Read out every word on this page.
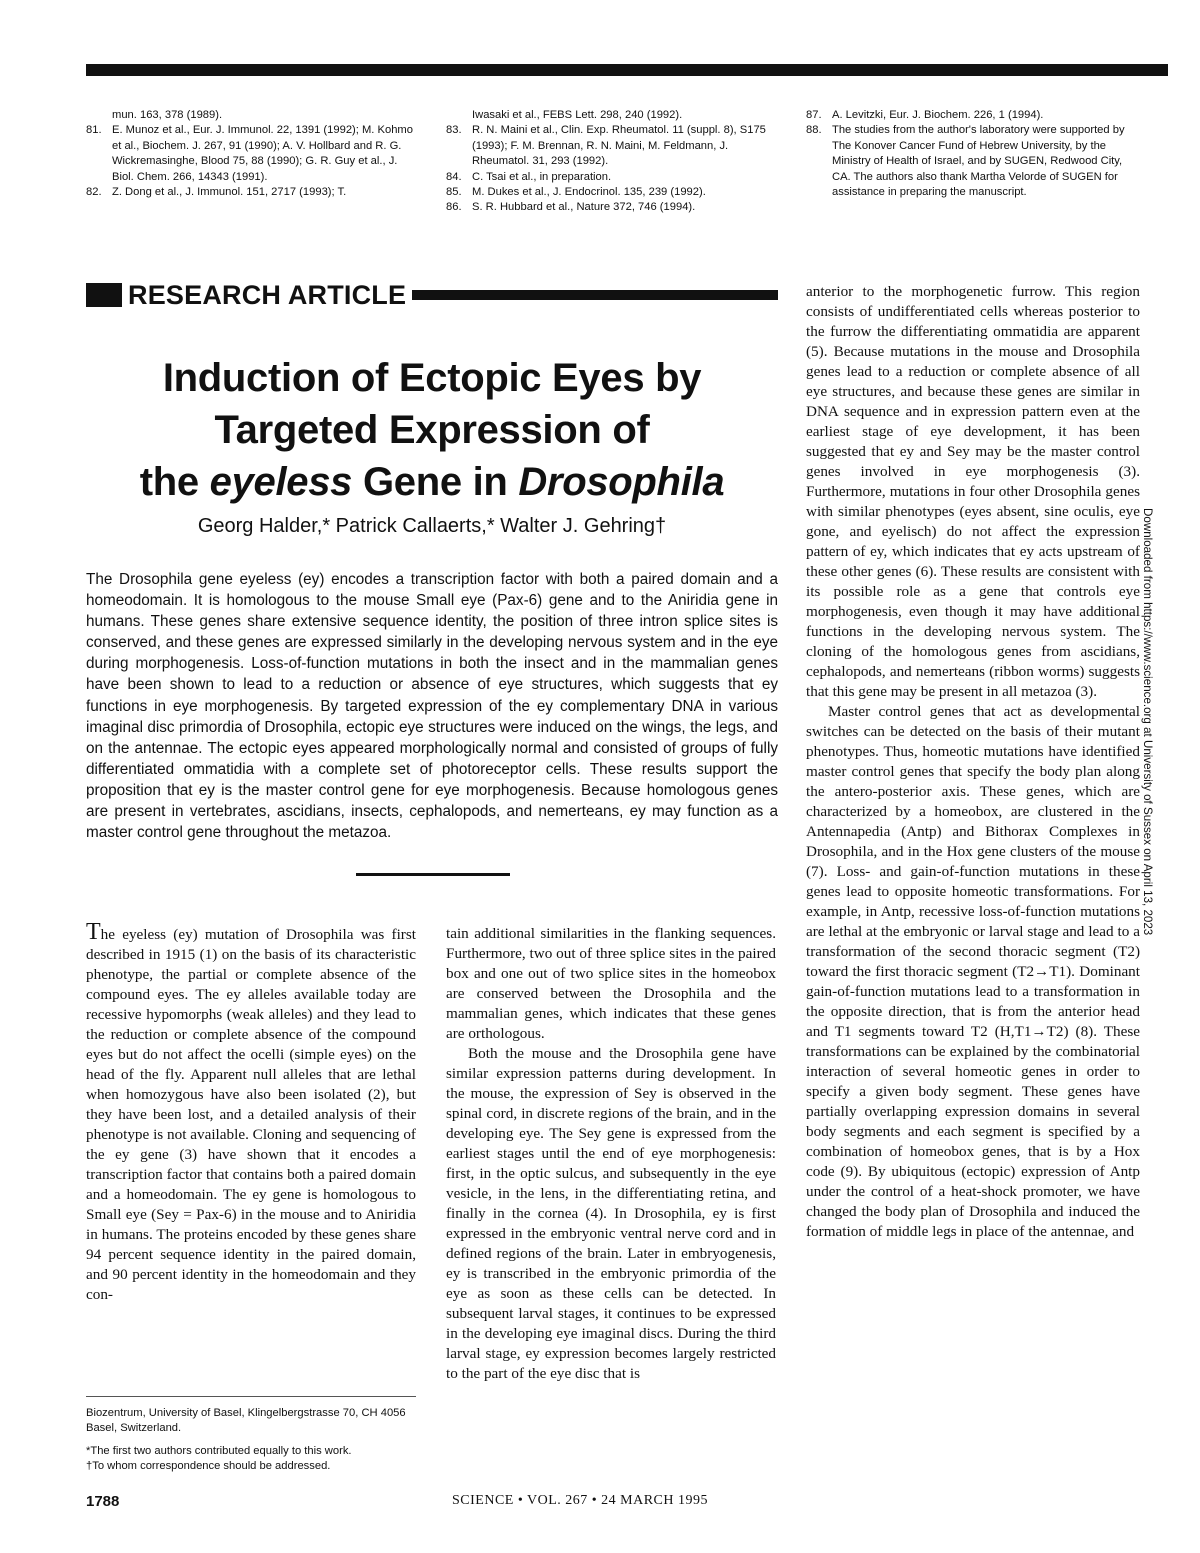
mun. 163, 378 (1989).
81. E. Munoz et al., Eur. J. Immunol. 22, 1391 (1992); M. Kohmo et al., Biochem. J. 267, 91 (1990); A. V. Hollbard and R. G. Wickremasinghe, Blood 75, 88 (1990); G. R. Guy et al., J. Biol. Chem. 266, 14343 (1991).
82. Z. Dong et al., J. Immunol. 151, 2717 (1993); T.
Iwasaki et al., FEBS Lett. 298, 240 (1992).
83. R. N. Maini et al., Clin. Exp. Rheumatol. 11 (suppl. 8), S175 (1993); F. M. Brennan, R. N. Maini, M. Feldmann, J. Rheumatol. 31, 293 (1992).
84. C. Tsai et al., in preparation.
85. M. Dukes et al., J. Endocrinol. 135, 239 (1992).
86. S. R. Hubbard et al., Nature 372, 746 (1994).
87. A. Levitzki, Eur. J. Biochem. 226, 1 (1994).
88. The studies from the author's laboratory were supported by The Konover Cancer Fund of Hebrew University, by the Ministry of Health of Israel, and by SUGEN, Redwood City, CA. The authors also thank Martha Velorde of SUGEN for assistance in preparing the manuscript.
RESEARCH ARTICLE
Induction of Ectopic Eyes by
Targeted Expression of
the eyeless Gene in Drosophila
Georg Halder,* Patrick Callaerts,* Walter J. Gehring†

The Drosophila gene eyeless (ey) encodes a transcription factor with both a paired domain and a homeodomain. It is homologous to the mouse Small eye (Pax-6) gene and to the Aniridia gene in humans. These genes share extensive sequence identity, the position of three intron splice sites is conserved, and these genes are expressed similarly in the developing nervous system and in the eye during morphogenesis. Loss-of-function mutations in both the insect and in the mammalian genes have been shown to lead to a reduction or absence of eye structures, which suggests that ey functions in eye morphogenesis. By targeted expression of the ey complementary DNA in various imaginal disc primordia of Drosophila, ectopic eye structures were induced on the wings, the legs, and on the antennae. The ectopic eyes appeared morphologically normal and consisted of groups of fully differentiated ommatidia with a complete set of photoreceptor cells. These results support the proposition that ey is the master control gene for eye morphogenesis. Because homologous genes are present in vertebrates, ascidians, insects, cephalopods, and nemerteans, ey may function as a master control gene throughout the metazoa.

The eyeless (ey) mutation of Drosophila was first described in 1915 (1) on the basis of its characteristic phenotype, the partial or complete absence of the compound eyes. The ey alleles available today are recessive hypomorphs (weak alleles) and they lead to the reduction or complete absence of the compound eyes but do not affect the ocelli (simple eyes) on the head of the fly. Apparent null alleles that are lethal when homozygous have also been isolated (2), but they have been lost, and a detailed analysis of their phenotype is not available. Cloning and sequencing of the ey gene (3) have shown that it encodes a transcription factor that contains both a paired domain and a homeodomain. The ey gene is homologous to Small eye (Sey = Pax-6) in the mouse and to Aniridia in humans. The proteins encoded by these genes share 94 percent sequence identity in the paired domain, and 90 percent identity in the homeodomain and they con-

tain additional similarities in the flanking sequences. Furthermore, two out of three splice sites in the paired box and one out of two splice sites in the homeobox are conserved between the Drosophila and the mammalian genes, which indicates that these genes are orthologous.

Both the mouse and the Drosophila gene have similar expression patterns during development. In the mouse, the expression of Sey is observed in the spinal cord, in discrete regions of the brain, and in the developing eye. The Sey gene is expressed from the earliest stages until the end of eye morphogenesis: first, in the optic sulcus, and subsequently in the eye vesicle, in the lens, in the differentiating retina, and finally in the cornea (4). In Drosophila, ey is first expressed in the embryonic ventral nerve cord and in defined regions of the brain. Later in embryogenesis, ey is transcribed in the embryonic primordia of the eye as soon as these cells can be detected. In subsequent larval stages, it continues to be expressed in the developing eye imaginal discs. During the third larval stage, ey expression becomes largely restricted to the part of the eye disc that is

anterior to the morphogenetic furrow. This region consists of undifferentiated cells whereas posterior to the furrow the differentiating ommatidia are apparent (5). Because mutations in the mouse and Drosophila genes lead to a reduction or complete absence of all eye structures, and because these genes are similar in DNA sequence and in expression pattern even at the earliest stage of eye development, it has been suggested that ey and Sey may be the master control genes involved in eye morphogenesis (3). Furthermore, mutations in four other Drosophila genes with similar phenotypes (eyes absent, sine oculis, eye gone, and eyelisch) do not affect the expression pattern of ey, which indicates that ey acts upstream of these other genes (6). These results are consistent with its possible role as a gene that controls eye morphogenesis, even though it may have additional functions in the developing nervous system. The cloning of the homologous genes from ascidians, cephalopods, and nemerteans (ribbon worms) suggests that this gene may be present in all metazoa (3).

Master control genes that act as developmental switches can be detected on the basis of their mutant phenotypes. Thus, homeotic mutations have identified master control genes that specify the body plan along the antero-posterior axis. These genes, which are characterized by a homeobox, are clustered in the Antennapedia (Antp) and Bithorax Complexes in Drosophila, and in the Hox gene clusters of the mouse (7). Loss- and gain-of-function mutations in these genes lead to opposite homeotic transformations. For example, in Antp, recessive loss-of-function mutations are lethal at the embryonic or larval stage and lead to a transformation of the second thoracic segment (T2) toward the first thoracic segment (T2→T1). Dominant gain-of-function mutations lead to a transformation in the opposite direction, that is from the anterior head and T1 segments toward T2 (H,T1→T2) (8). These transformations can be explained by the combinatorial interaction of several homeotic genes in order to specify a given body segment. These genes have partially overlapping expression domains in several body segments and each segment is specified by a combination of homeobox genes, that is by a Hox code (9). By ubiquitous (ectopic) expression of Antp under the control of a heat-shock promoter, we have changed the body plan of Drosophila and induced the formation of middle legs in place of the antennae, and

Biozentrum, University of Basel, Klingelbergstrasse 70, CH 4056 Basel, Switzerland.
*The first two authors contributed equally to this work.
†To whom correspondence should be addressed.
1788	SCIENCE • VOL. 267 • 24 MARCH 1995
Downloaded from https://www.science.org at University of Sussex on April 13, 2023
